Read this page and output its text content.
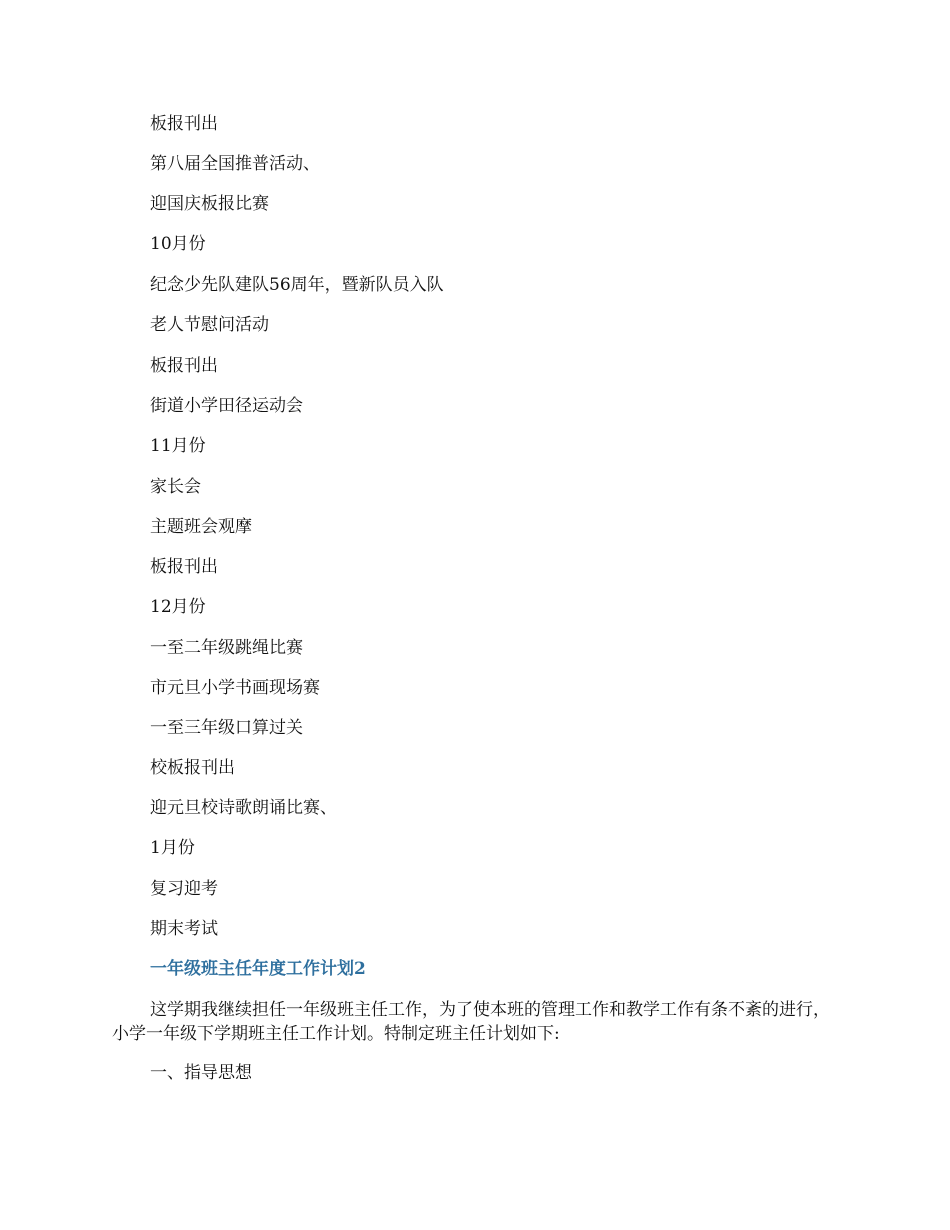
板报刊出
第八届全国推普活动、
迎国庆板报比赛
10月份
纪念少先队建队56周年，暨新队员入队
老人节慰问活动
板报刊出
街道小学田径运动会
11月份
家长会
主题班会观摩
板报刊出
12月份
一至二年级跳绳比赛
市元旦小学书画现场赛
一至三年级口算过关
校板报刊出
迎元旦校诗歌朗诵比赛、
1月份
复习迎考
期末考试
一年级班主任年度工作计划2
这学期我继续担任一年级班主任工作，为了使本班的管理工作和教学工作有条不紊的进行，小学一年级下学期班主任工作计划。特制定班主任计划如下:
一、指导思想
